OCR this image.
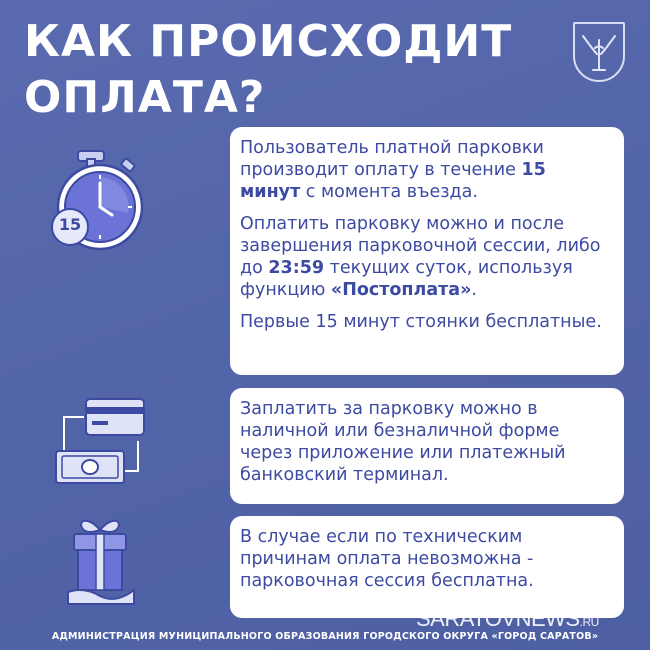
КАК ПРОИСХОДИТ
ОПЛАТА?
15

Пользователь платной парковки производит оплату в течение 15 минут с момента въезда.

Оплатить парковку можно и после завершения парковочной сессии, либо до 23:59 текущих суток, используя функцию «Постоплата».

Первые 15 минут стоянки бесплатные.

Заплатить за парковку можно в наличной или безналичной форме через приложение или платежный банковский терминал.

В случае если по техническим причинам оплата невозможна - парковочная сессия бесплатна.

SARATOVNEWS.RU
АДМИНИСТРАЦИЯ МУНИЦИПАЛЬНОГО ОБРАЗОВАНИЯ ГОРОДСКОГО ОКРУГА «ГОРОД САРАТОВ»
